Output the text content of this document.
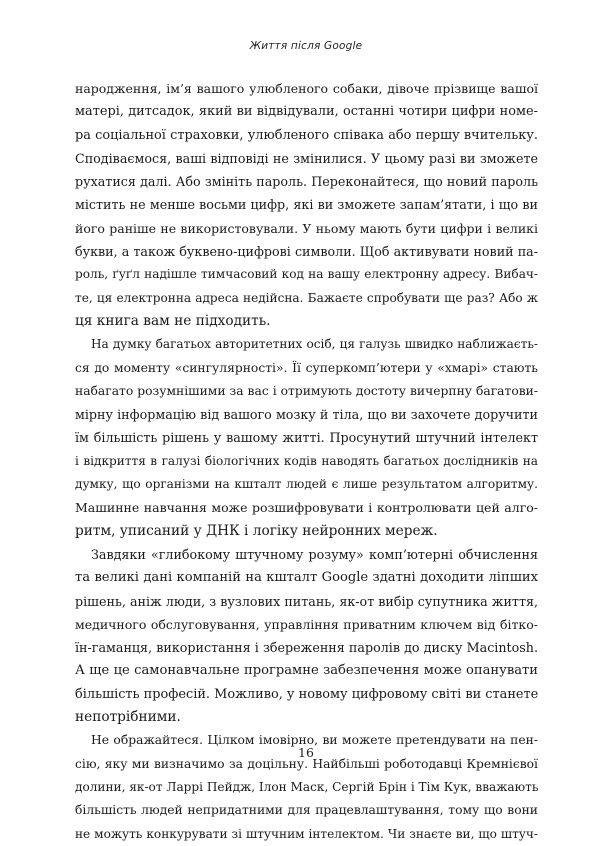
Життя після Google
народження, ім’я вашого улюбленого собаки, дівоче прізвище вашої
матері, дитсадок, який ви відвідували, останні чотири цифри номе-
ра соціальної страховки, улюбленого співака або першу вчительку.
Сподіваємося, ваші відповіді не змінилися. У цьому разі ви зможете
рухатися далі. Або змініть пароль. Переконайтеся, що новий пароль
містить не менше восьми цифр, які ви зможете запам’ятати, і що ви
його раніше не використовували. У ньому мають бути цифри і великі
букви, а також буквено-цифрові символи. Щоб активувати новий па-
роль, ґуґл надішле тимчасовий код на вашу електронну адресу. Вибач-
те, ця електронна адреса недійсна. Бажаєте спробувати ще раз? Або ж
ця книга вам не підходить.
На думку багатьох авторитетних осіб, ця галузь швидко наближаєть-
ся до моменту «сингулярності». Її суперкомп’ютери у «хмарі» стають
набагато розумнішими за вас і отримують достоту вичерпну багатови-
мірну інформацію від вашого мозку й тіла, що ви захочете доручити
їм більшість рішень у вашому житті. Просунутий штучний інтелект
і відкриття в галузі біологічних кодів наводять багатьох дослідників на
думку, що організми на кшталт людей є лише результатом алгоритму.
Машинне навчання може розшифровувати і контролювати цей алго-
ритм, уписаний у ДНК і логіку нейронних мереж.
Завдяки «глибокому штучному розуму» комп’ютерні обчислення
та великі дані компаній на кшталт Google здатні доходити ліпших
рішень, аніж люди, з вузлових питань, як-от вибір супутника життя,
медичного обслуговування, управління приватним ключем від бітко-
їн-гаманця, використання і збереження паролів до диску Macintosh.
А ще це самонавчальне програмне забезпечення може опанувати
більшість професій. Можливо, у новому цифровому світі ви станете
непотрібними.
Не ображайтеся. Цілком імовірно, ви можете претендувати на пен-
сію, яку ми визначимо за доцільну. Найбільші роботодавці Кремнієвої
долини, як-от Ларрі Пейдж, Ілон Маск, Сергій Брін і Тім Кук, вважають
більшість людей непридатними для працевлаштування, тому що вони
не можуть конкурувати зі штучним інтелектом. Чи знаєте ви, що штуч-
16
